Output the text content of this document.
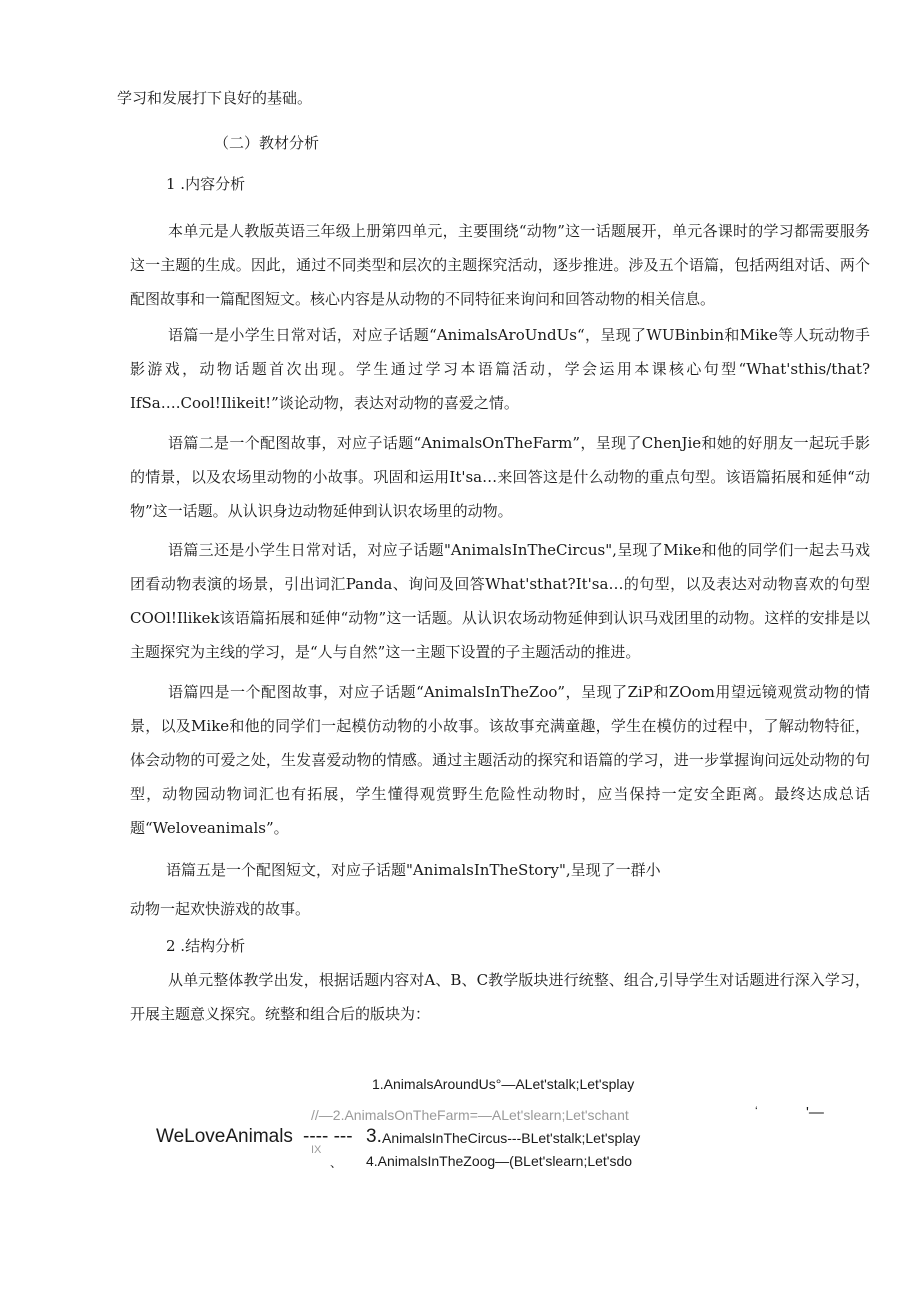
学习和发展打下良好的基础。
（二）教材分析
1 .内容分析
本单元是人教版英语三年级上册第四单元，主要围绕“动物”这一话题展开，单元各课时的学习都需要服务这一主题的生成。因此，通过不同类型和层次的主题探究活动，逐步推进。涉及五个语篇，包括两组对话、两个配图故事和一篇配图短文。核心内容是从动物的不同特征来询问和回答动物的相关信息。
语篇一是小学生日常对话，对应子话题“AnimalsAroUndUs“，呈现了WUBinbin和Mike等人玩动物手影游戏，动物话题首次出现。学生通过学习本语篇活动，学会运用本课核心句型“What'sthis/that?IfSa….Cool!Ilikeit!”谈论动物，表达对动物的喜爱之情。
语篇二是一个配图故事，对应子话题“AnimalsOnTheFarm”，呈现了ChenJie和她的好朋友一起玩手影的情景，以及农场里动物的小故事。巩固和运用It'sa…来回答这是什么动物的重点句型。该语篇拓展和延伸“动物”这一话题。从认识身边动物延伸到认识农场里的动物。
语篇三还是小学生日常对话，对应子话题"AnimalsInTheCircus",呈现了Mike和他的同学们一起去马戏团看动物表演的场景，引出词汇Panda、询问及回答What'sthat?It'sa…的句型，以及表达对动物喜欢的句型COOl!Ilikek该语篇拓展和延伸“动物”这一话题。从认识农场动物延伸到认识马戏团里的动物。这样的安排是以主题探究为主线的学习，是“人与自然”这一主题下设置的子主题活动的推进。
语篇四是一个配图故事，对应子话题“AnimalsInTheZoo”，呈现了ZiP和ZOom用望远镜观赏动物的情景，以及Mike和他的同学们一起模仿动物的小故事。该故事充满童趣，学生在模仿的过程中，了解动物特征，体会动物的可爱之处，生发喜爱动物的情感。通过主题活动的探究和语篇的学习，进一步掌握询问远处动物的句型，动物园动物词汇也有拓展，学生懂得观赏野生危险性动物时，应当保持一定安全距离。最终达成总话题“Weloveanimals”。
语篇五是一个配图短文，对应子话题"AnimalsInTheStory",呈现了一群小
动物一起欢快游戏的故事。
2 .结构分析
从单元整体教学出发，根据话题内容对A、B、C教学版块进行统整、组合,引导学生对话题进行深入学习，开展主题意义探究。统整和组合后的版块为：
1.AnimalsAroundUs°—ALet'stalk;Let'splay
//—2.AnimalsOnTheFarm=—ALet'slearn;Let'schant	‘	'—
WeLoveAnimals ---- --- 3. AnimalsInTheCircus---BLet'stalk;Let'splay
IX
、 4.AnimalsInTheZoog—(BLet'slearn;Let'sdo
